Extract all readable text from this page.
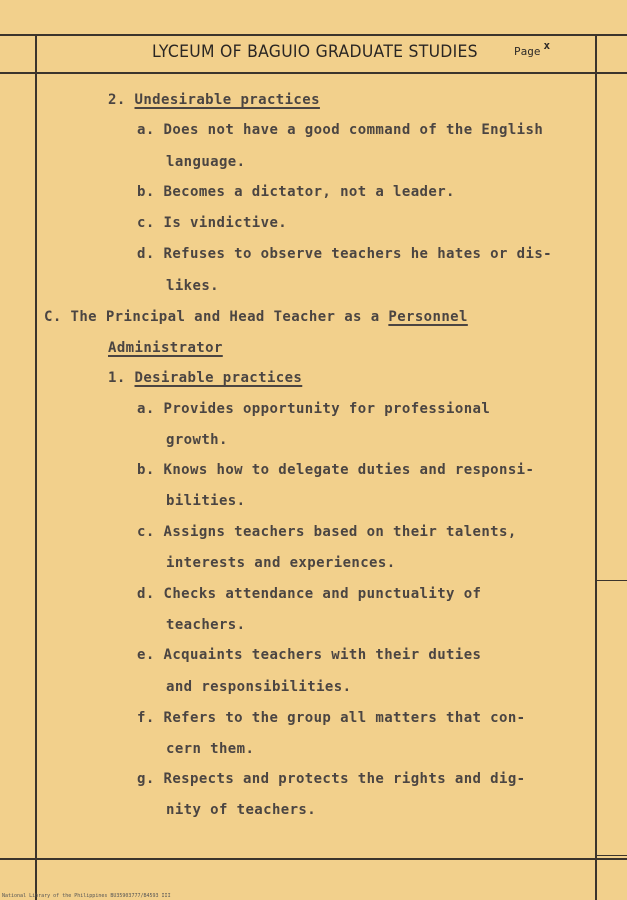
LYCEUM OF BAGUIO GRADUATE STUDIES	Page x
2. Undesirable practices
a. Does not have a good command of the English
language.
b. Becomes a dictator, not a leader.
c. Is vindictive.
d. Refuses to observe teachers he hates or dis-
likes.
C. The Principal and Head Teacher as a Personnel
Administrator
1. Desirable practices
a. Provides opportunity for professional
growth.
b. Knows how to delegate duties and responsi-
bilities.
c. Assigns teachers based on their talents,
interests and experiences.
d. Checks attendance and punctuality of
teachers.
e. Acquaints teachers with their duties
and responsibilities.
f. Refers to the group all matters that con-
cern them.
g. Respects and protects the rights and dig-
nity of teachers.
National Library of the Philippines BU35903777/B4593 III
